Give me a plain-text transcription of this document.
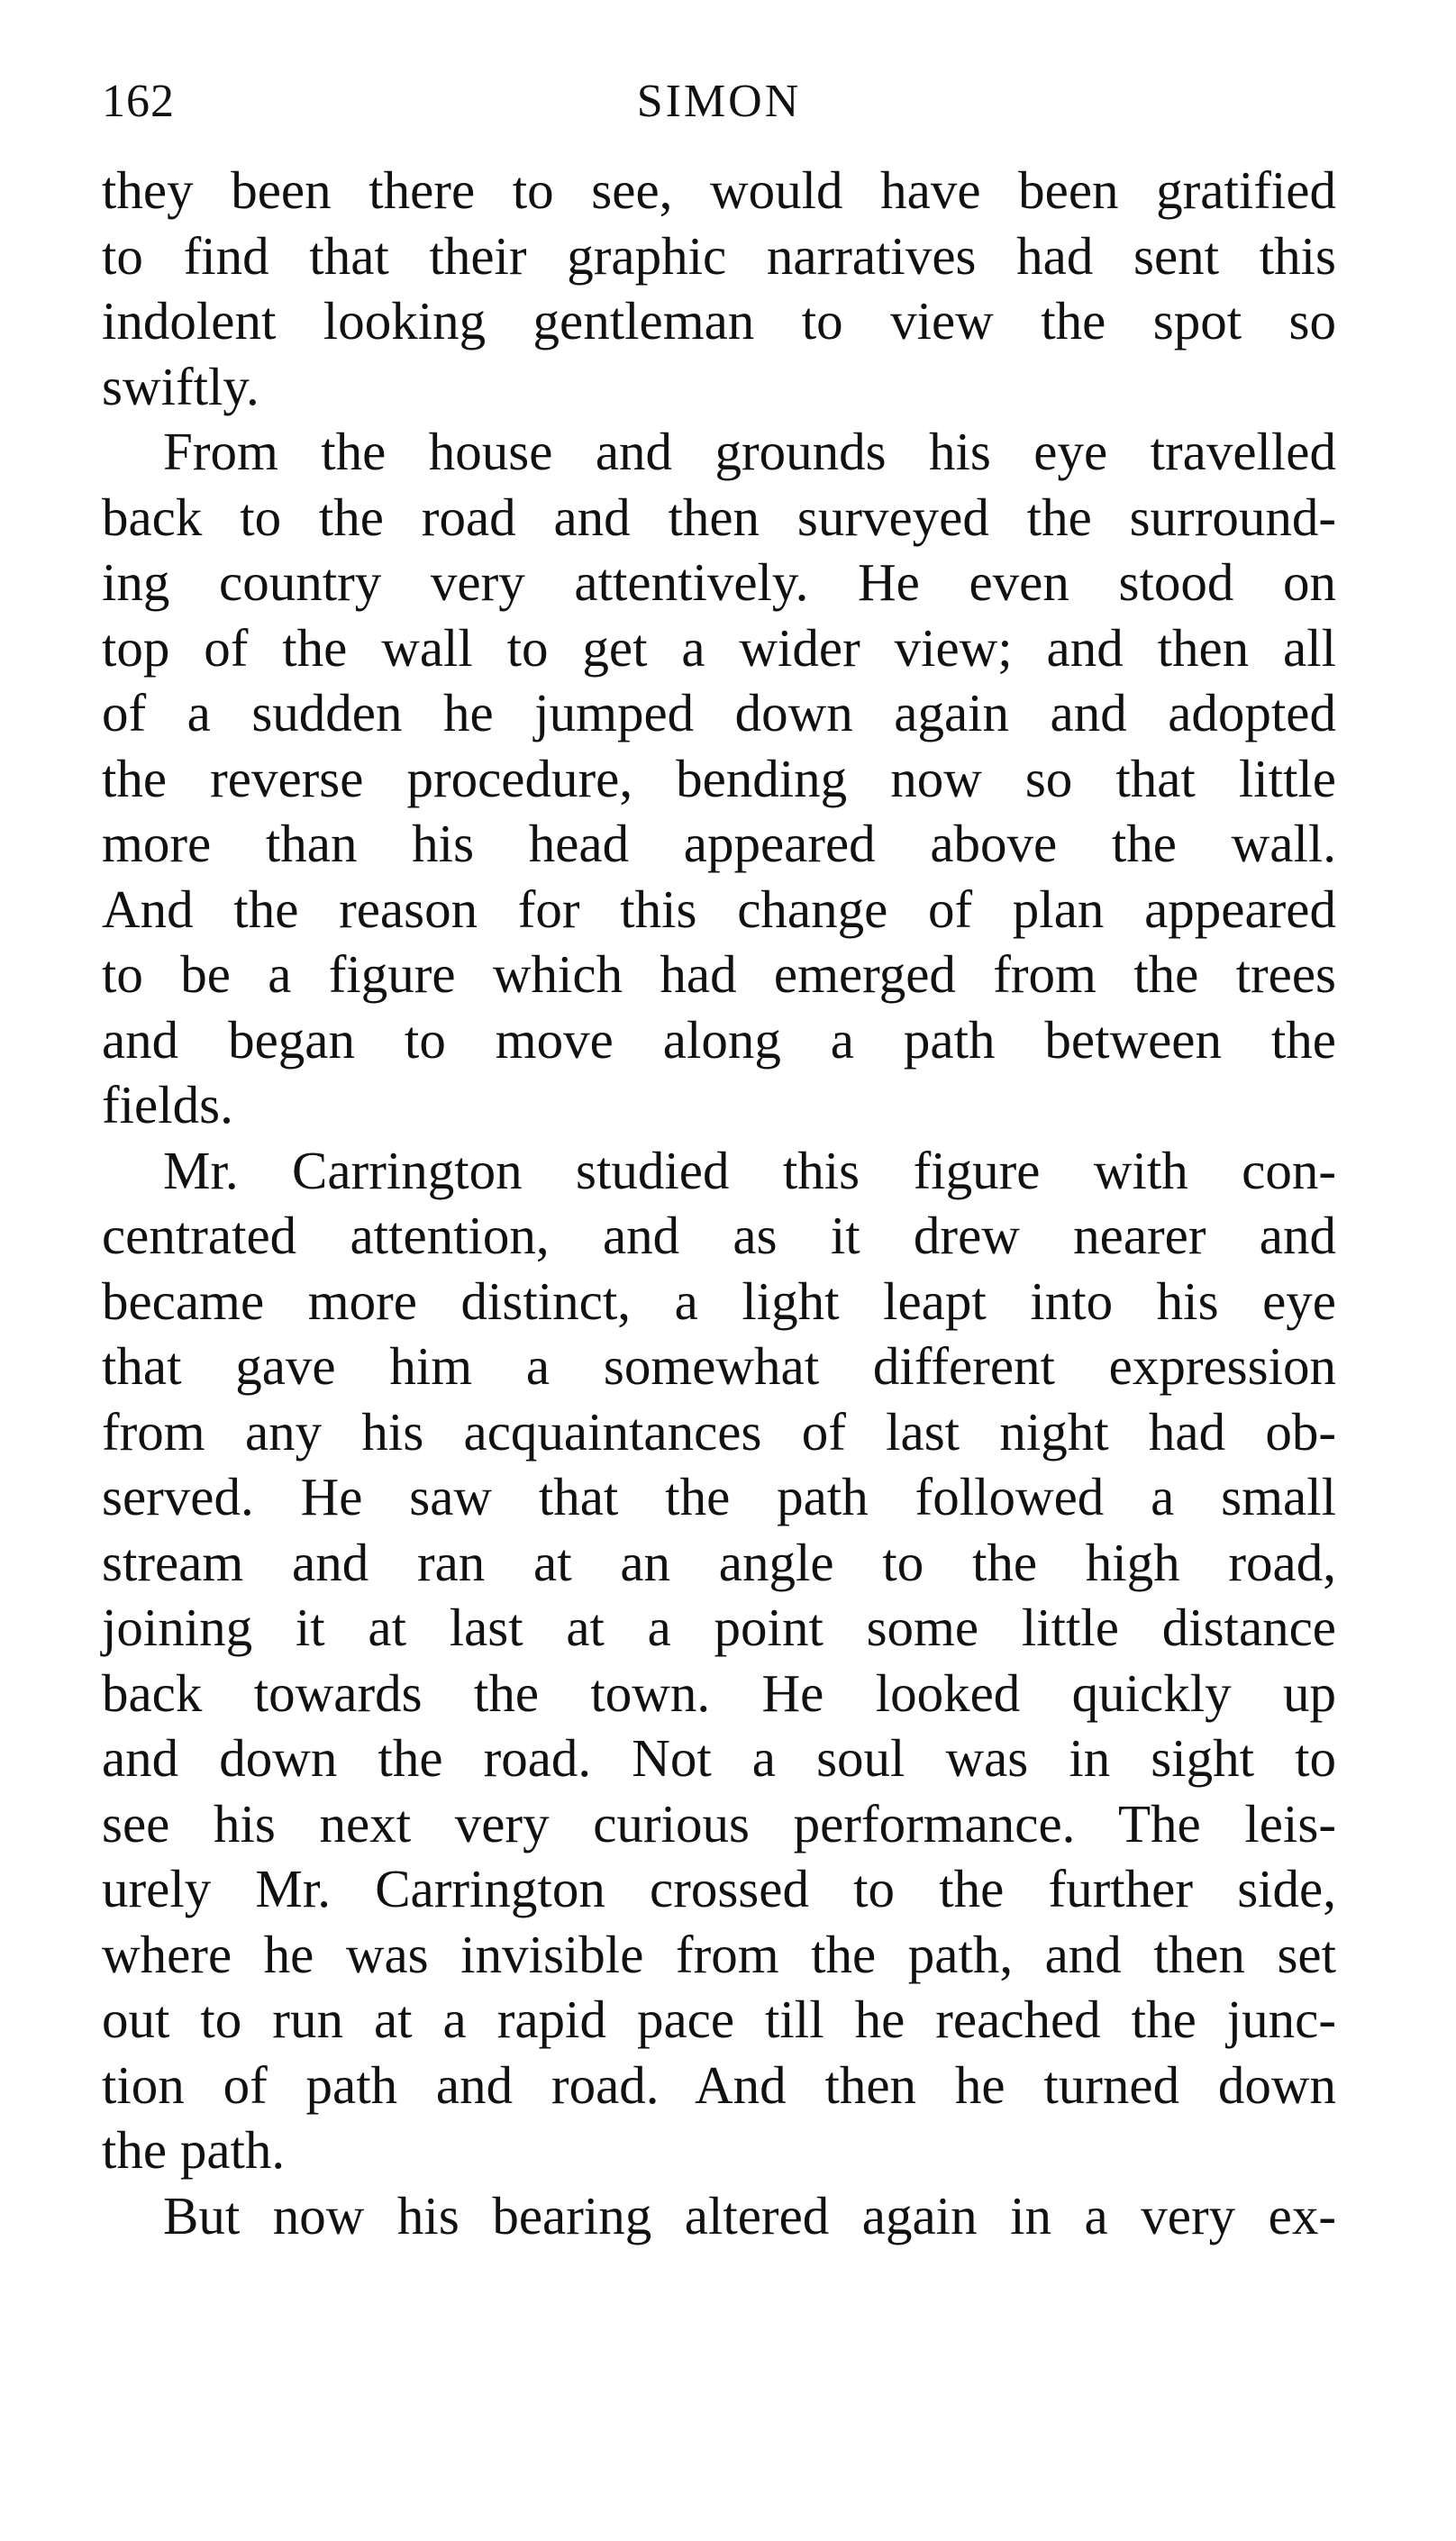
162	SIMON
they been there to see, would have been gratified
to find that their graphic narratives had sent this
indolent looking gentleman to view the spot so
swiftly.
From the house and grounds his eye travelled
back to the road and then surveyed the surround-
ing country very attentively. He even stood on
top of the wall to get a wider view; and then all
of a sudden he jumped down again and adopted
the reverse procedure, bending now so that little
more than his head appeared above the wall.
And the reason for this change of plan appeared
to be a figure which had emerged from the trees
and began to move along a path between the
fields.
Mr. Carrington studied this figure with con-
centrated attention, and as it drew nearer and
became more distinct, a light leapt into his eye
that gave him a somewhat different expression
from any his acquaintances of last night had ob-
served. He saw that the path followed a small
stream and ran at an angle to the high road,
joining it at last at a point some little distance
back towards the town. He looked quickly up
and down the road. Not a soul was in sight to
see his next very curious performance. The leis-
urely Mr. Carrington crossed to the further side,
where he was invisible from the path, and then set
out to run at a rapid pace till he reached the junc-
tion of path and road. And then he turned down
the path.
But now his bearing altered again in a very ex-
